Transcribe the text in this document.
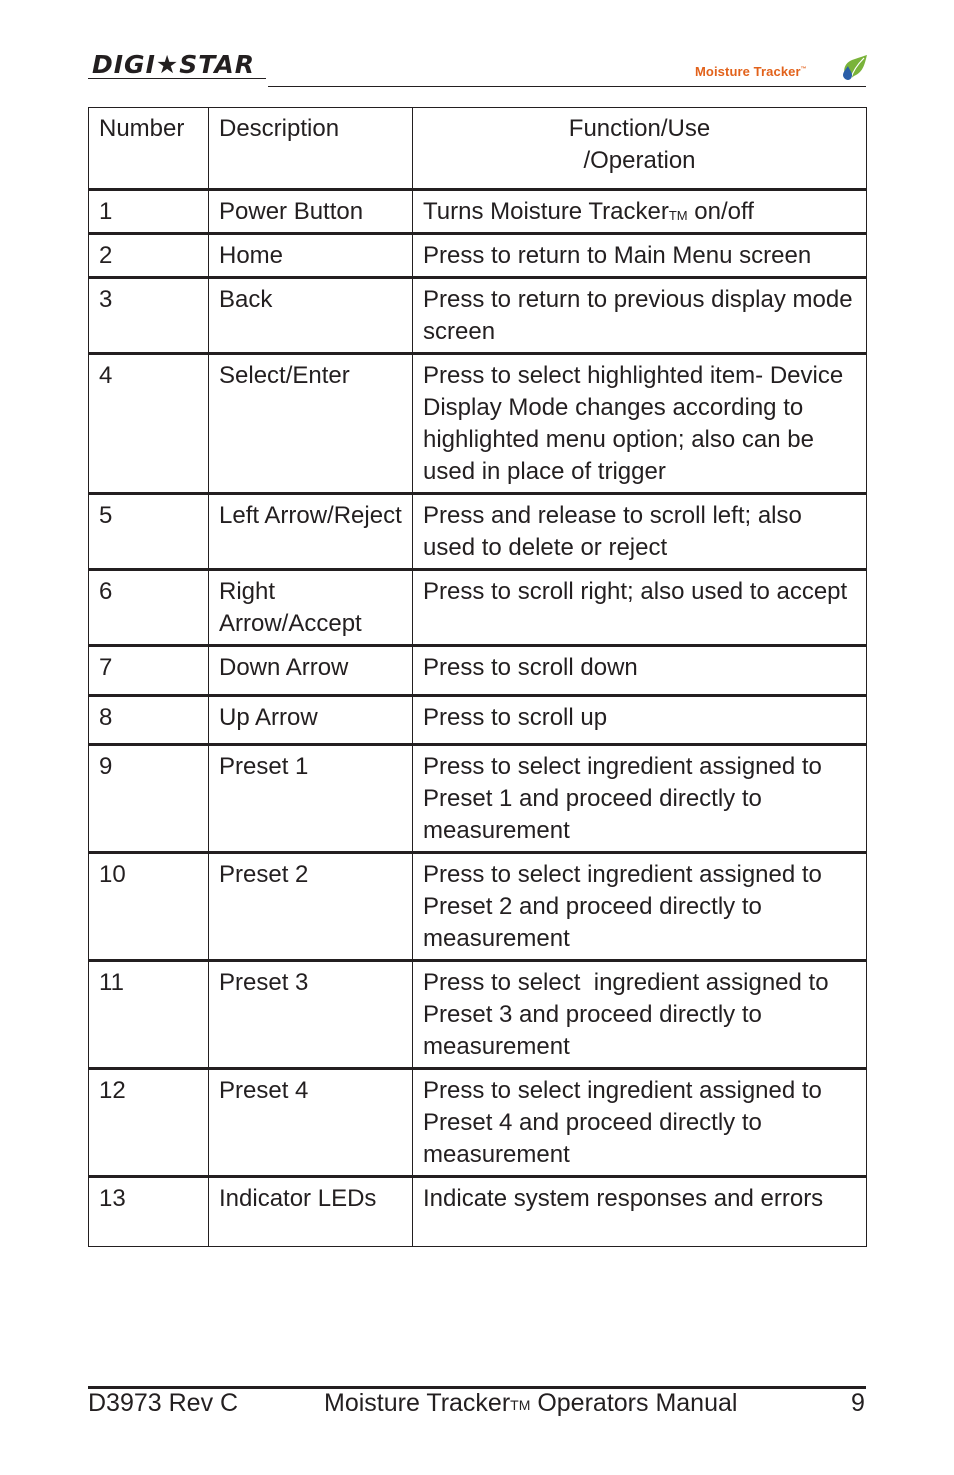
DIGI★STAR	Moisture Tracker™
Number	Description	Function/Use
/Operation
1	Power Button	Turns Moisture Tracker™ on/off
2	Home	Press to return to Main Menu screen
3	Back	Press to return to previous display mode screen
4	Select/Enter	Press to select highlighted item- Device Display Mode changes according to highlighted menu option; also can be used in place of trigger
5	Left Arrow/Reject	Press and release to scroll left; also used to delete or reject
6	Right Arrow/Accept	Press to scroll right; also used to accept
7	Down Arrow	Press to scroll down
8	Up Arrow	Press to scroll up
9	Preset 1	Press to select ingredient assigned to Preset 1 and proceed directly to measurement
10	Preset 2	Press to select ingredient assigned to Preset 2 and proceed directly to measurement
11	Preset 3	Press to select  ingredient assigned to Preset 3 and proceed directly to measurement
12	Preset 4	Press to select ingredient assigned to Preset 4 and proceed directly to measurement
13	Indicator LEDs	Indicate system responses and errors
D3973 Rev C	Moisture Tracker™ Operators Manual	9
